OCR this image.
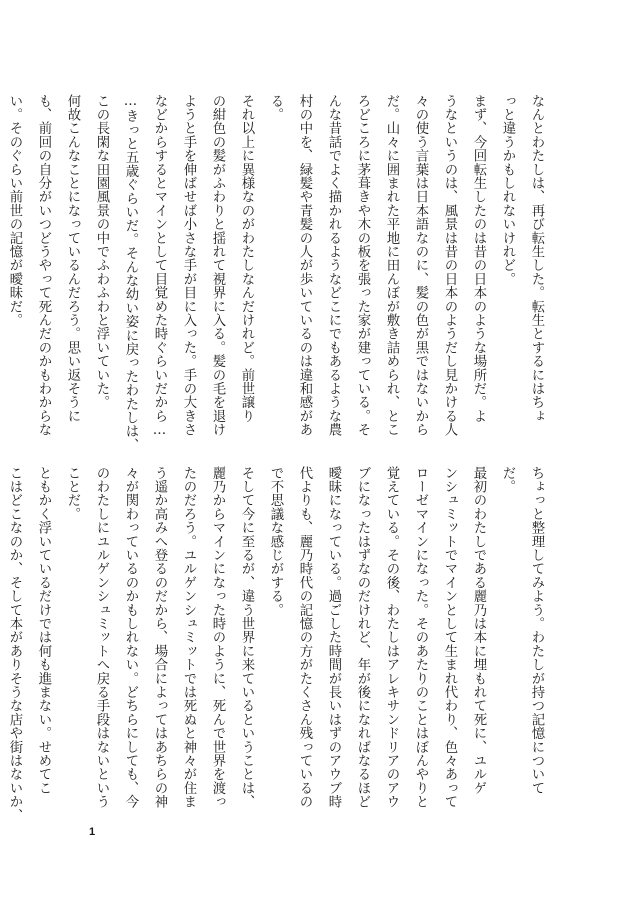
なんとわたしは、再び転生した。転生とするにはちょ
っと違うかもしれないけれど。
まず、今回転生したのは昔の日本のような場所だ。よ
うなというのは、風景は昔の日本のようだし見かける人
々の使う言葉は日本語なのに、髪の色が黒ではないから
だ。山々に囲まれた平地に田んぼが敷き詰められ、とこ
ろどころに茅葺きや木の板を張った家が建っている。そ
んな昔話でよく描かれるようなどこにでもあるような農
村の中を、緑髪や青髪の人が歩いているのは違和感があ
る。
それ以上に異様なのがわたしなんだけれど。前世譲り
の紺色の髪がふわりと揺れて視界に入る。髪の毛を退け
ようと手を伸ばせば小さな手が目に入った。手の大きさ
などからするとマインとして目覚めた時ぐらいだから…
…きっと五歳ぐらいだ。そんな幼い姿に戻ったわたしは、
この長閑な田園風景の中でふわふわと浮いていた。
何故こんなことになっているんだろう。思い返そうに
も、前回の自分がいつどうやって死んだのかもわからな
い。そのぐらい前世の記憶が曖昧だ。
ちょっと整理してみよう。わたしが持つ記憶について
だ。
最初のわたしである麗乃は本に埋もれて死に、ユルゲ
ンシュミットでマインとして生まれ代わり、色々あって
ローゼマインになった。そのあたりのことはぼんやりと
覚えている。その後、わたしはアレキサンドリアのアウ
ブになったはずなのだけれど、年が後になればなるほど
曖昧になっている。過ごした時間が長いはずのアウブ時
代よりも、麗乃時代の記憶の方がたくさん残っているの
で不思議な感じがする。
そして今に至るが、違う世界に来ているということは、
麗乃からマインになった時のように、死んで世界を渡っ
たのだろう。ユルゲンシュミットでは死ぬと神々が住ま
う遥か高みへ登るのだから、場合によってはあちらの神
々が関わっているのかもしれない。どちらにしても、今
のわたしにユルゲンシュミットへ戻る手段はないという
ことだ。
ともかく浮いているだけでは何も進まない。せめてこ
こはどこなのか、そして本がありそうな店や街はないか、
1
